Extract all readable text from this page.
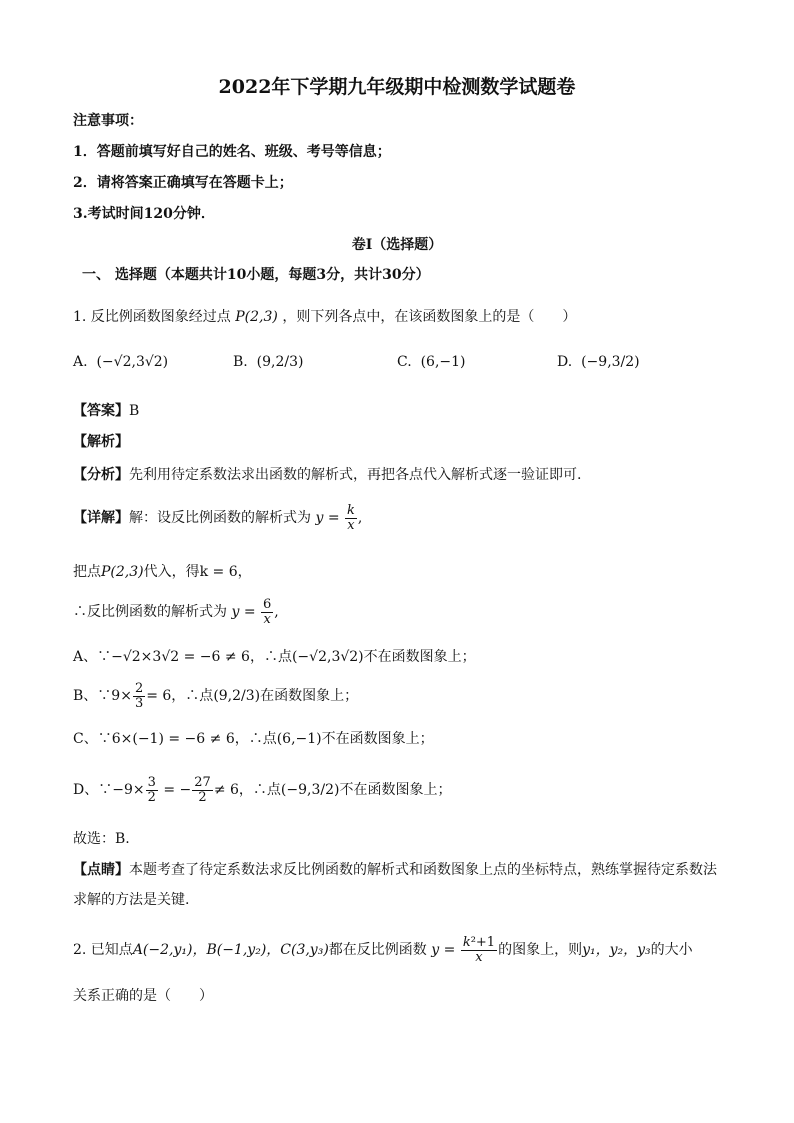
2022年下学期九年级期中检测数学试题卷
注意事项：
1．答题前填写好自己的姓名、班级、考号等信息；
2．请将答案正确填写在答题卡上；
3.考试时间120分钟．
卷I（选择题）
一、 选择题（本题共计10小题，每题3分，共计30分）
1. 反比例函数图象经过点 P(2,3) ，则下列各点中，在该函数图象上的是（　　）
A. (−√2,3√2)	B. (9,2/3)	C. (6,−1)	D. (−9,3/2)
【答案】B
【解析】
【分析】先利用待定系数法求出函数的解析式，再把各点代入解析式逐一验证即可.
【详解】解：设反比例函数的解析式为 $y = \frac{k}{x}$ ,
把点P(2,3)代入，得k = 6，
∴反比例函数的解析式为 $y = \frac{6}{x}$ ,
A、∵−√2×3√2 = −6 ≠ 6，∴点(−√2,3√2)不在函数图象上；
B、∵9× $\frac{2}{3} = 6$，∴点(9,2/3)在函数图象上；
C、∵6×(−1) = −6 ≠ 6，∴点(6,−1)不在函数图象上；
D、∵−9× $\frac{3}{2}$ = − $\frac{27}{2} \ne 6$，∴点(−9,3/2)不在函数图象上；
故选：B.
【点睛】本题考查了待定系数法求反比例函数的解析式和函数图象上点的坐标特点，熟练掌握待定系数法
求解的方法是关键.
2. 已知点A(−2,y₁)，B(−1,y₂)，C(3,y₃)都在反比例函数 $y = \frac{\text{k²+1}}{x}$ 的图象上，则y₁，y₂，y₃的大小
关系正确的是（　　）
